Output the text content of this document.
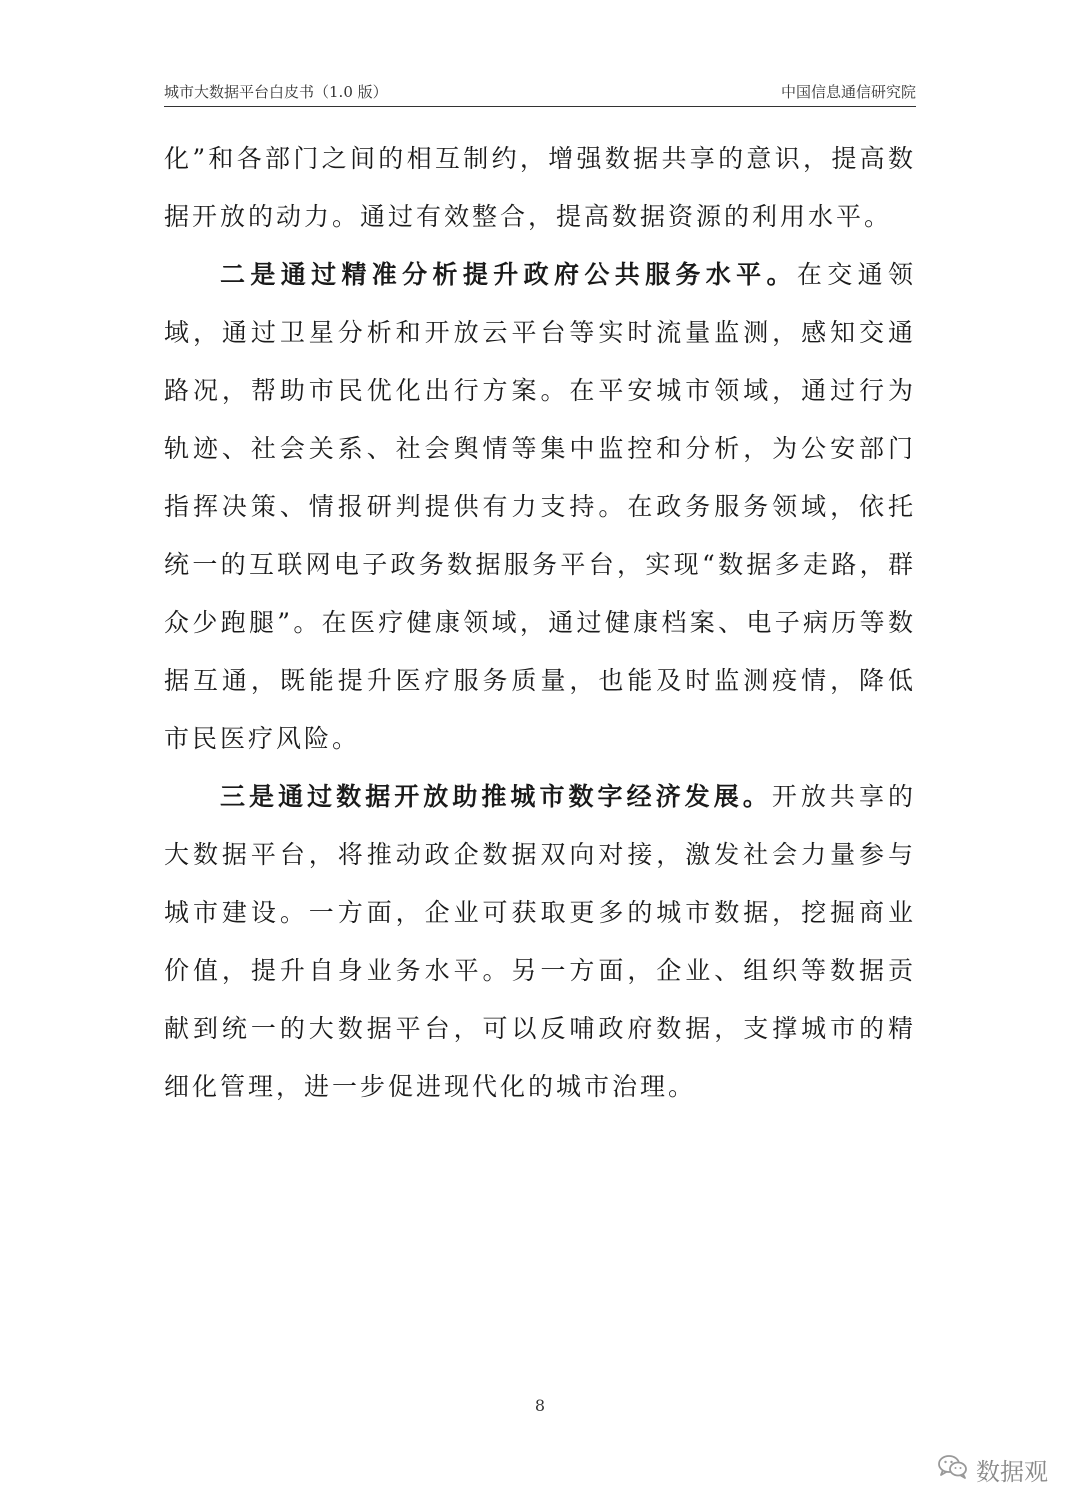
城市大数据平台白皮书（1.0 版）	中国信息通信研究院

化”和各部门之间的相互制约，增强数据共享的意识，提高数据开放的动力。通过有效整合，提高数据资源的利用水平。

二是通过精准分析提升政府公共服务水平。在交通领域，通过卫星分析和开放云平台等实时流量监测，感知交通路况，帮助市民优化出行方案。在平安城市领域，通过行为轨迹、社会关系、社会舆情等集中监控和分析，为公安部门指挥决策、情报研判提供有力支持。在政务服务领域，依托统一的互联网电子政务数据服务平台，实现“数据多走路，群众少跑腿”。在医疗健康领域，通过健康档案、电子病历等数据互通，既能提升医疗服务质量，也能及时监测疫情，降低市民医疗风险。

三是通过数据开放助推城市数字经济发展。开放共享的大数据平台，将推动政企数据双向对接，激发社会力量参与城市建设。一方面，企业可获取更多的城市数据，挖掘商业价值，提升自身业务水平。另一方面，企业、组织等数据贡献到统一的大数据平台，可以反哺政府数据，支撑城市的精细化管理，进一步促进现代化的城市治理。

8
数据观
